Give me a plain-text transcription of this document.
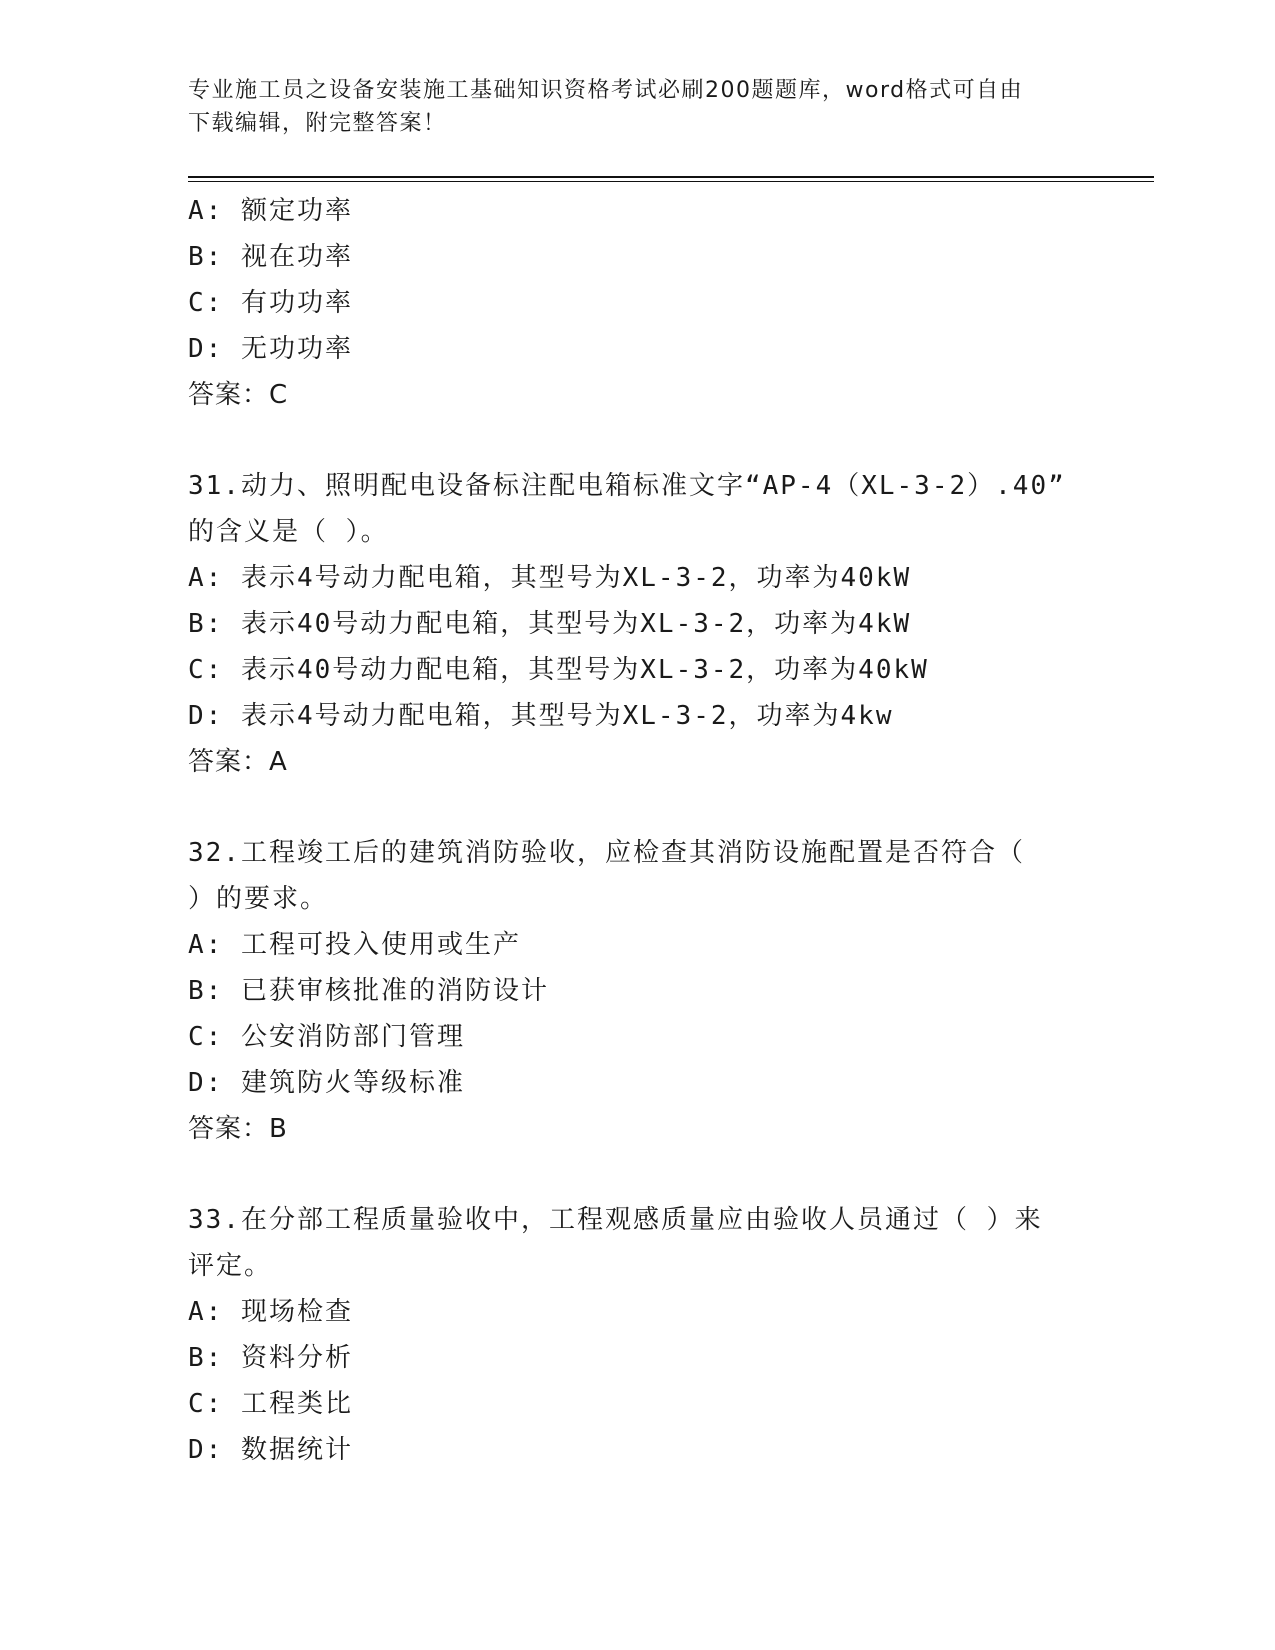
专业施工员之设备安装施工基础知识资格考试必刷200题题库，word格式可自由
下载编辑，附完整答案！
A: 额定功率
B: 视在功率
C: 有功功率
D: 无功功率
答案：C
31.动力、照明配电设备标注配电箱标准文字“AP-4（XL-3-2）.40”
的含义是（ ）。
A: 表示4号动力配电箱，其型号为XL-3-2，功率为40kW
B: 表示40号动力配电箱，其型号为XL-3-2，功率为4kW
C: 表示40号动力配电箱，其型号为XL-3-2，功率为40kW
D: 表示4号动力配电箱，其型号为XL-3-2，功率为4kw
答案：A
32.工程竣工后的建筑消防验收，应检查其消防设施配置是否符合（
）的要求。
A: 工程可投入使用或生产
B: 已获审核批准的消防设计
C: 公安消防部门管理
D: 建筑防火等级标准
答案：B
33.在分部工程质量验收中，工程观感质量应由验收人员通过（ ）来
评定。
A: 现场检查
B: 资料分析
C: 工程类比
D: 数据统计
